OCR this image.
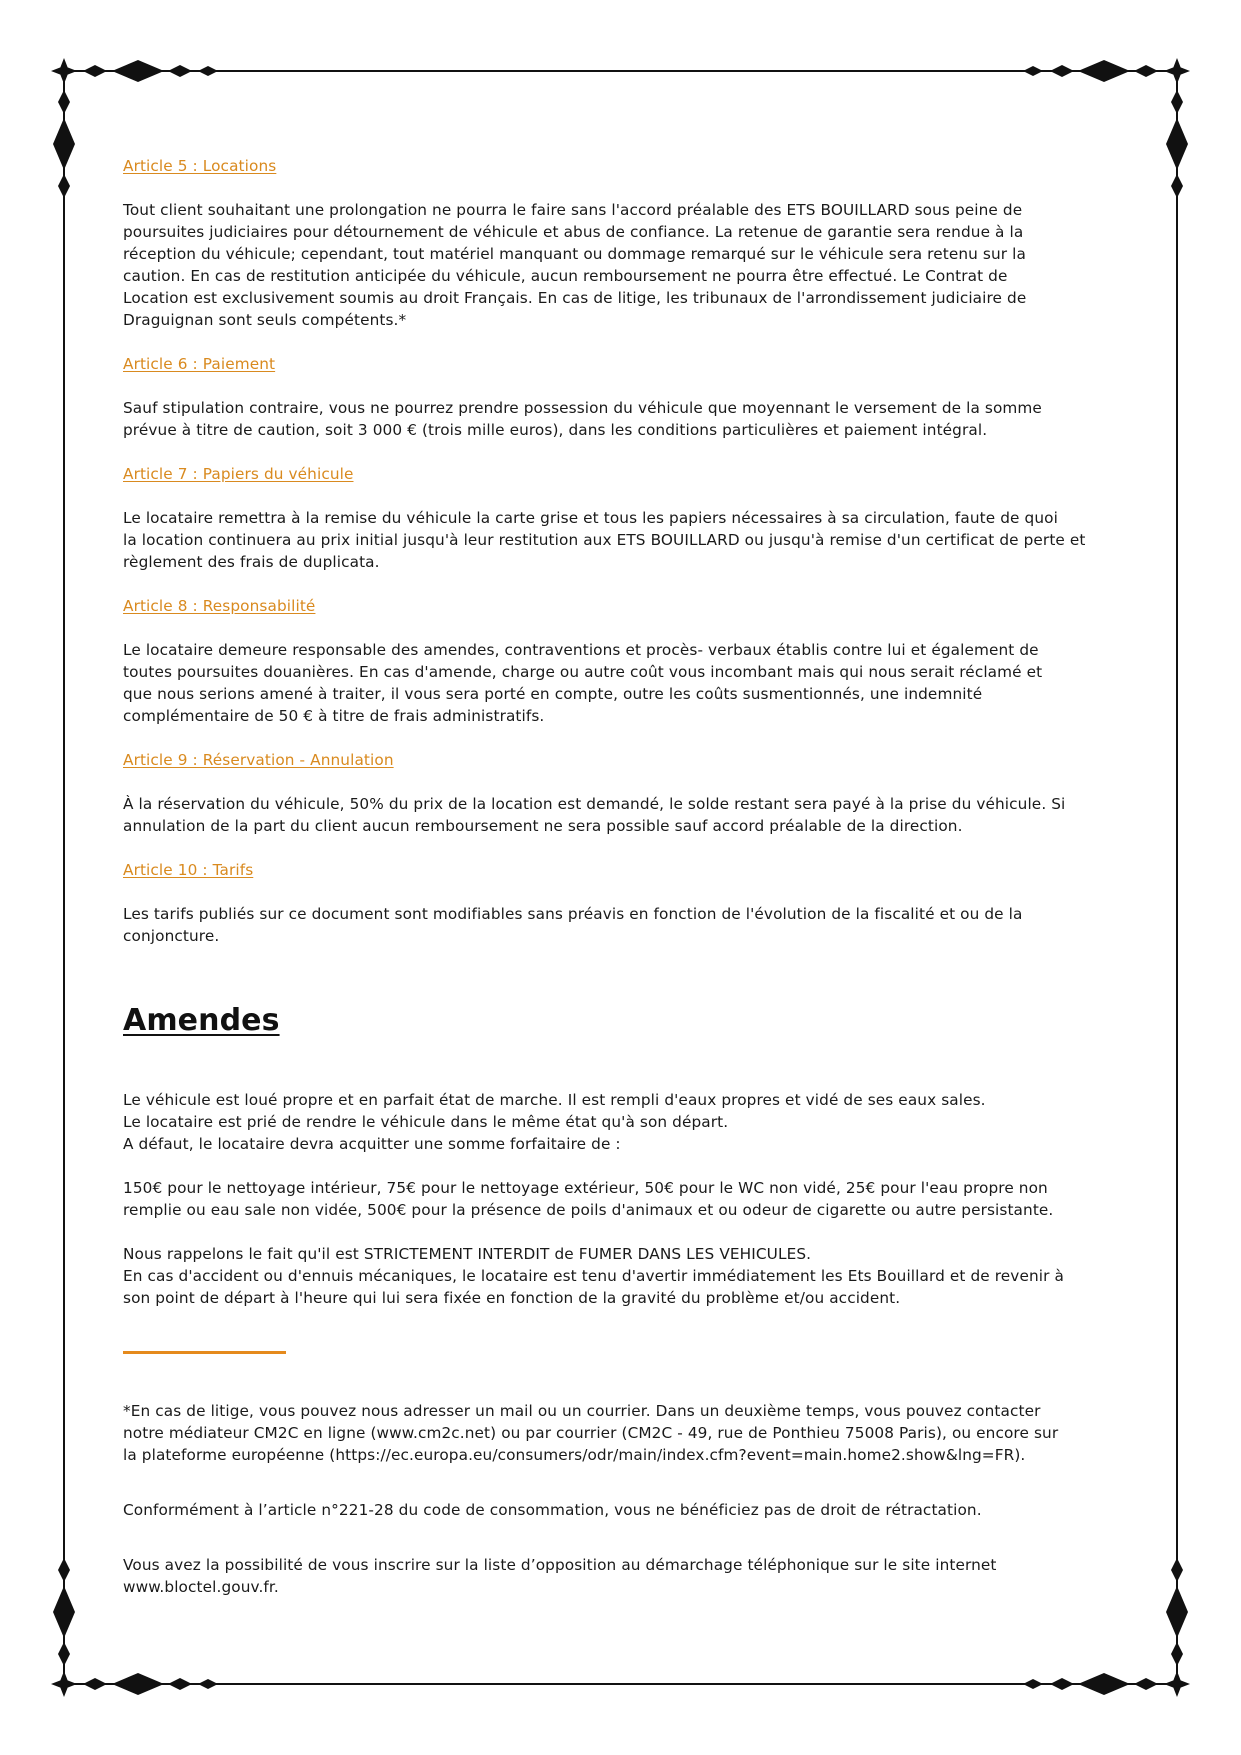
Article 5 : Locations

Tout client souhaitant une prolongation ne pourra le faire sans l'accord préalable des ETS BOUILLARD sous peine de

poursuites judiciaires pour détournement de véhicule et abus de confiance. La retenue de garantie sera rendue à la

réception du véhicule; cependant, tout matériel manquant ou dommage remarqué sur le véhicule sera retenu sur la

caution. En cas de restitution anticipée du véhicule, aucun remboursement ne pourra être effectué. Le Contrat de

Location est exclusivement soumis au droit Français. En cas de litige, les tribunaux de l'arrondissement judiciaire de

Draguignan sont seuls compétents.*

Article 6 : Paiement

Sauf stipulation contraire, vous ne pourrez prendre possession du véhicule que moyennant le versement de la somme

prévue à titre de caution, soit 3 000 € (trois mille euros), dans les conditions particulières et paiement intégral.

Article 7 : Papiers du véhicule

Le locataire remettra à la remise du véhicule la carte grise et tous les papiers nécessaires à sa circulation, faute de quoi

la location continuera au prix initial jusqu'à leur restitution aux ETS BOUILLARD ou jusqu'à remise d'un certificat de perte et

règlement des frais de duplicata.

Article 8 : Responsabilité

Le locataire demeure responsable des amendes, contraventions et procès- verbaux établis contre lui et également de

toutes poursuites douanières. En cas d'amende, charge ou autre coût vous incombant mais qui nous serait réclamé et

que nous serions amené à traiter, il vous sera porté en compte, outre les coûts susmentionnés, une indemnité

complémentaire de 50 € à titre de frais administratifs.

Article 9 : Réservation - Annulation

À la réservation du véhicule, 50% du prix de la location est demandé, le solde restant sera payé à la prise du véhicule. Si

annulation de la part du client aucun remboursement ne sera possible sauf accord préalable de la direction.

Article 10 : Tarifs

Les tarifs publiés sur ce document sont modifiables sans préavis en fonction de l'évolution de la fiscalité et ou de la

conjoncture.

Amendes

Le véhicule est loué propre et en parfait état de marche. Il est rempli d'eaux propres et vidé de ses eaux sales.

Le locataire est prié de rendre le véhicule dans le même état qu'à son départ.

A défaut, le locataire devra acquitter une somme forfaitaire de :

150€ pour le nettoyage intérieur, 75€ pour le nettoyage extérieur, 50€ pour le WC non vidé, 25€ pour l'eau propre non

remplie ou eau sale non vidée, 500€ pour la présence de poils d'animaux et ou odeur de cigarette ou autre persistante.

Nous rappelons le fait qu'il est STRICTEMENT INTERDIT de FUMER DANS LES VEHICULES.

En cas d'accident ou d'ennuis mécaniques, le locataire est tenu d'avertir immédiatement les Ets Bouillard et de revenir à

son point de départ à l'heure qui lui sera fixée en fonction de la gravité du problème et/ou accident.

*En cas de litige, vous pouvez nous adresser un mail ou un courrier. Dans un deuxième temps, vous pouvez contacter

notre médiateur CM2C en ligne (www.cm2c.net) ou par courrier (CM2C - 49, rue de Ponthieu 75008 Paris), ou encore sur

la plateforme européenne (https://ec.europa.eu/consumers/odr/main/index.cfm?event=main.home2.show&lng=FR).

Conformément à l’article n°221-28 du code de consommation, vous ne bénéficiez pas de droit de rétractation.

Vous avez la possibilité de vous inscrire sur la liste d’opposition au démarchage téléphonique sur le site internet

www.bloctel.gouv.fr.
